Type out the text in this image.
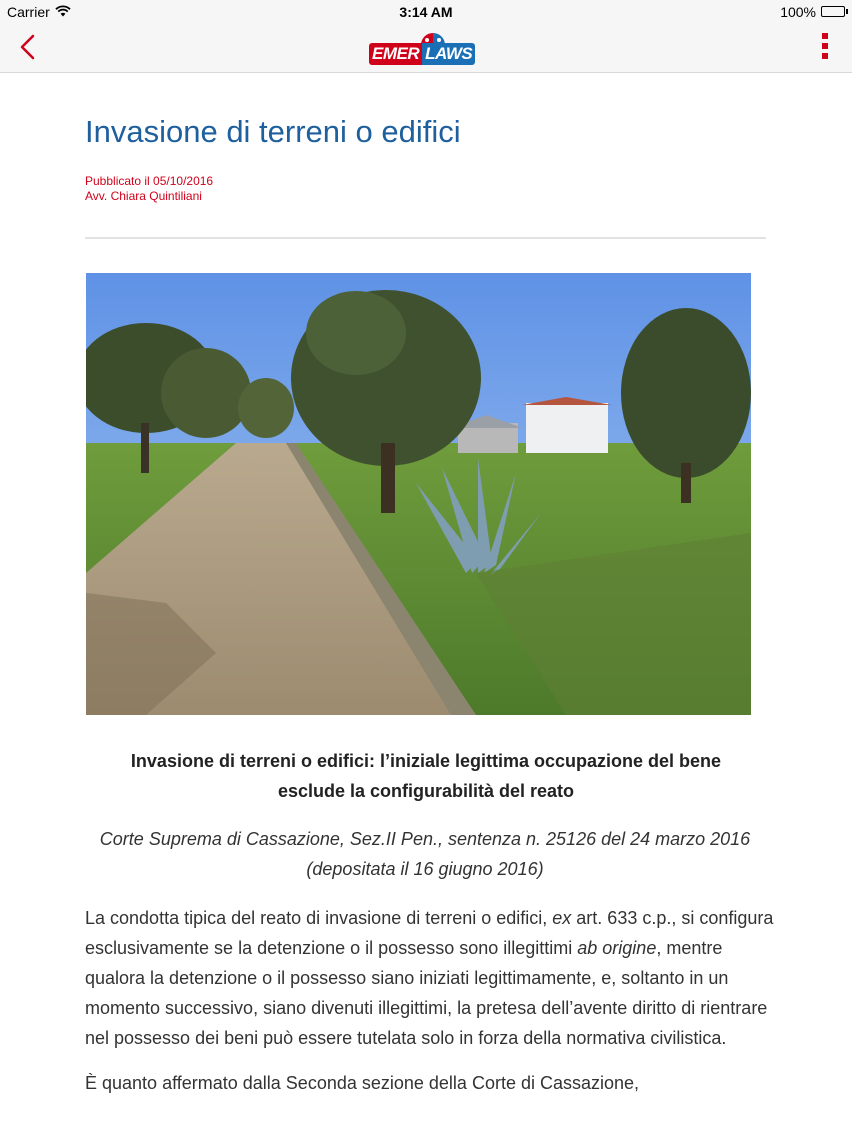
Carrier	3:14 AM	100%
EMER LAWS
Invasione di terreni o edifici
Pubblicato il 05/10/2016
Avv. Chiara Quintiliani
Invasione di terreni o edifici: l’iniziale legittima occupazione del bene
esclude la configurabilità del reato
Corte Suprema di Cassazione, Sez.II Pen., sentenza n. 25126 del 24 marzo 2016
(depositata il 16 giugno 2016)

La condotta tipica del reato di invasione di terreni o edifici, ex art. 633 c.p., si configura esclusivamente se la detenzione o il possesso sono illegittimi ab origine, mentre qualora la detenzione o il possesso siano iniziati legittimamente, e, soltanto in un momento successivo, siano divenuti illegittimi, la pretesa dell’avente diritto di rientrare nel possesso dei beni può essere tutelata solo in forza della normativa civilistica.

È quanto affermato dalla Seconda sezione della Corte di Cassazione,
